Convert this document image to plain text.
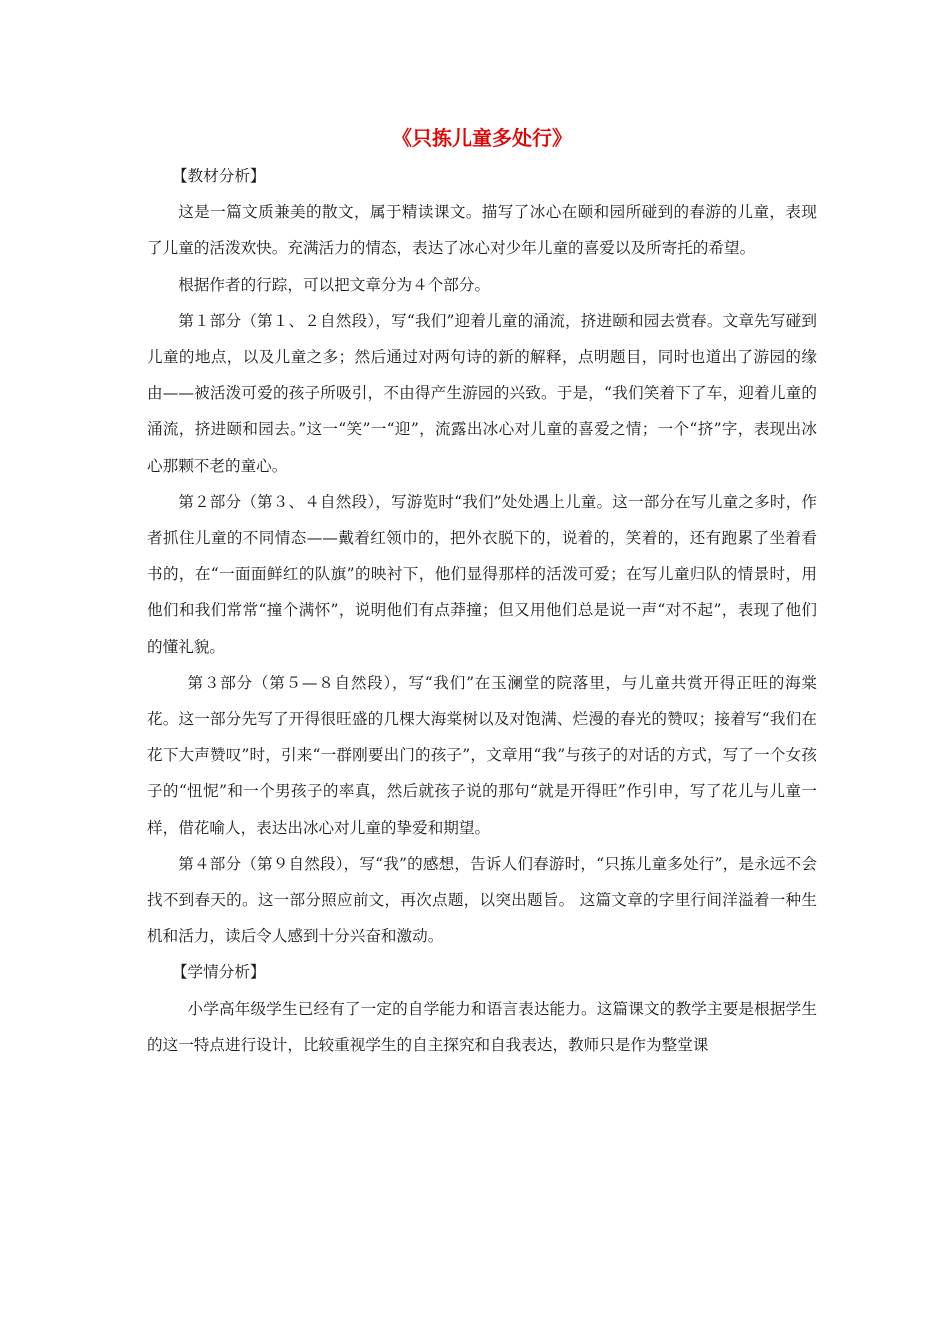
《只拣儿童多处行》

【教材分析】

这是一篇文质兼美的散文，属于精读课文。描写了冰心在颐和园所碰到的春游的儿童，表现了儿童的活泼欢快。充满活力的情态，表达了冰心对少年儿童的喜爱以及所寄托的希望。

根据作者的行踪，可以把文章分为４个部分。

第１部分（第１、２自然段），写“我们”迎着儿童的涌流，挤进颐和园去赏春。文章先写碰到儿童的地点，以及儿童之多；然后通过对两句诗的新的解释，点明题目，同时也道出了游园的缘由——被活泼可爱的孩子所吸引，不由得产生游园的兴致。于是，“我们笑着下了车，迎着儿童的涌流，挤进颐和园去。”这一“笑”一“迎”，流露出冰心对儿童的喜爱之情；一个“挤”字，表现出冰心那颗不老的童心。

第２部分（第３、４自然段），写游览时“我们”处处遇上儿童。这一部分在写儿童之多时，作者抓住儿童的不同情态——戴着红领巾的，把外衣脱下的，说着的，笑着的，还有跑累了坐着看书的，在“一面面鲜红的队旗”的映衬下，他们显得那样的活泼可爱；在写儿童归队的情景时，用他们和我们常常“撞个满怀”，说明他们有点莽撞；但又用他们总是说一声“对不起”，表现了他们的懂礼貌。

第３部分（第５—８自然段），写“我们”在玉澜堂的院落里，与儿童共赏开得正旺的海棠花。这一部分先写了开得很旺盛的几棵大海棠树以及对饱满、烂漫的春光的赞叹；接着写“我们在花下大声赞叹”时，引来“一群刚要出门的孩子”，文章用“我”与孩子的对话的方式，写了一个女孩子的“忸怩”和一个男孩子的率真，然后就孩子说的那句“就是开得旺”作引申，写了花儿与儿童一样，借花喻人，表达出冰心对儿童的挚爱和期望。

第４部分（第９自然段），写“我”的感想，告诉人们春游时，“只拣儿童多处行”，是永远不会找不到春天的。这一部分照应前文，再次点题，以突出题旨。 这篇文章的字里行间洋溢着一种生机和活力，读后令人感到十分兴奋和激动。

【学情分析】

小学高年级学生已经有了一定的自学能力和语言表达能力。这篇课文的教学主要是根据学生的这一特点进行设计，比较重视学生的自主探究和自我表达，教师只是作为整堂课
